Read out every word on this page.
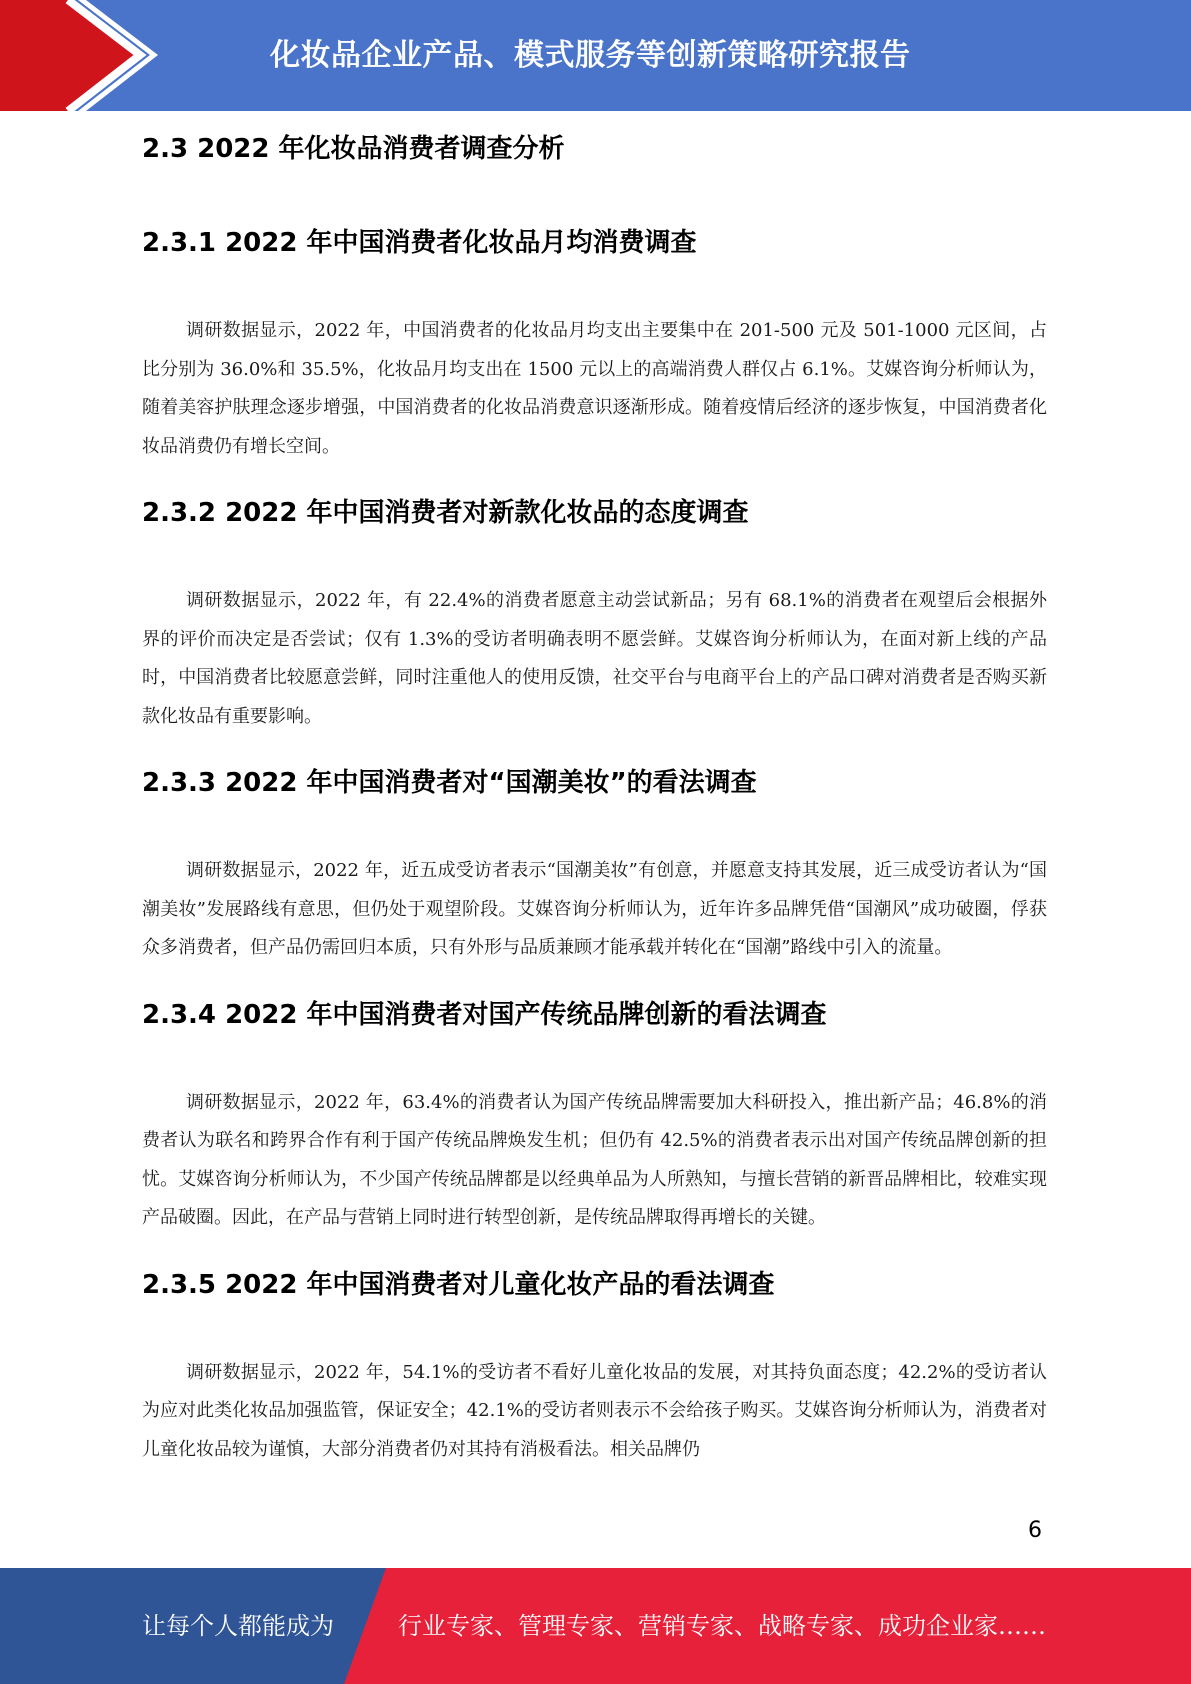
化妆品企业产品、模式服务等创新策略研究报告
2.3 2022 年化妆品消费者调查分析
2.3.1 2022 年中国消费者化妆品月均消费调查

调研数据显示，2022 年，中国消费者的化妆品月均支出主要集中在 201-500 元及 501-1000 元区间，占比分别为 36.0%和 35.5%，化妆品月均支出在 1500 元以上的高端消费人群仅占 6.1%。艾媒咨询分析师认为，随着美容护肤理念逐步增强，中国消费者的化妆品消费意识逐渐形成。随着疫情后经济的逐步恢复，中国消费者化妆品消费仍有增长空间。

2.3.2 2022 年中国消费者对新款化妆品的态度调查

调研数据显示，2022 年，有 22.4%的消费者愿意主动尝试新品；另有 68.1%的消费者在观望后会根据外界的评价而决定是否尝试；仅有 1.3%的受访者明确表明不愿尝鲜。艾媒咨询分析师认为，在面对新上线的产品时，中国消费者比较愿意尝鲜，同时注重他人的使用反馈，社交平台与电商平台上的产品口碑对消费者是否购买新款化妆品有重要影响。

2.3.3 2022 年中国消费者对“国潮美妆”的看法调查

调研数据显示，2022 年，近五成受访者表示“国潮美妆”有创意，并愿意支持其发展，近三成受访者认为“国潮美妆”发展路线有意思，但仍处于观望阶段。艾媒咨询分析师认为，近年许多品牌凭借“国潮风”成功破圈，俘获众多消费者，但产品仍需回归本质，只有外形与品质兼顾才能承载并转化在“国潮”路线中引入的流量。

2.3.4 2022 年中国消费者对国产传统品牌创新的看法调查

调研数据显示，2022 年，63.4%的消费者认为国产传统品牌需要加大科研投入，推出新产品；46.8%的消费者认为联名和跨界合作有利于国产传统品牌焕发生机；但仍有 42.5%的消费者表示出对国产传统品牌创新的担忧。艾媒咨询分析师认为，不少国产传统品牌都是以经典单品为人所熟知，与擅长营销的新晋品牌相比，较难实现产品破圈。因此，在产品与营销上同时进行转型创新，是传统品牌取得再增长的关键。

2.3.5 2022 年中国消费者对儿童化妆产品的看法调查

调研数据显示，2022 年，54.1%的受访者不看好儿童化妆品的发展，对其持负面态度；42.2%的受访者认为应对此类化妆品加强监管，保证安全；42.1%的受访者则表示不会给孩子购买。艾媒咨询分析师认为，消费者对儿童化妆品较为谨慎，大部分消费者仍对其持有消极看法。相关品牌仍

6
让每个人都能成为	行业专家、管理专家、营销专家、战略专家、成功企业家……
